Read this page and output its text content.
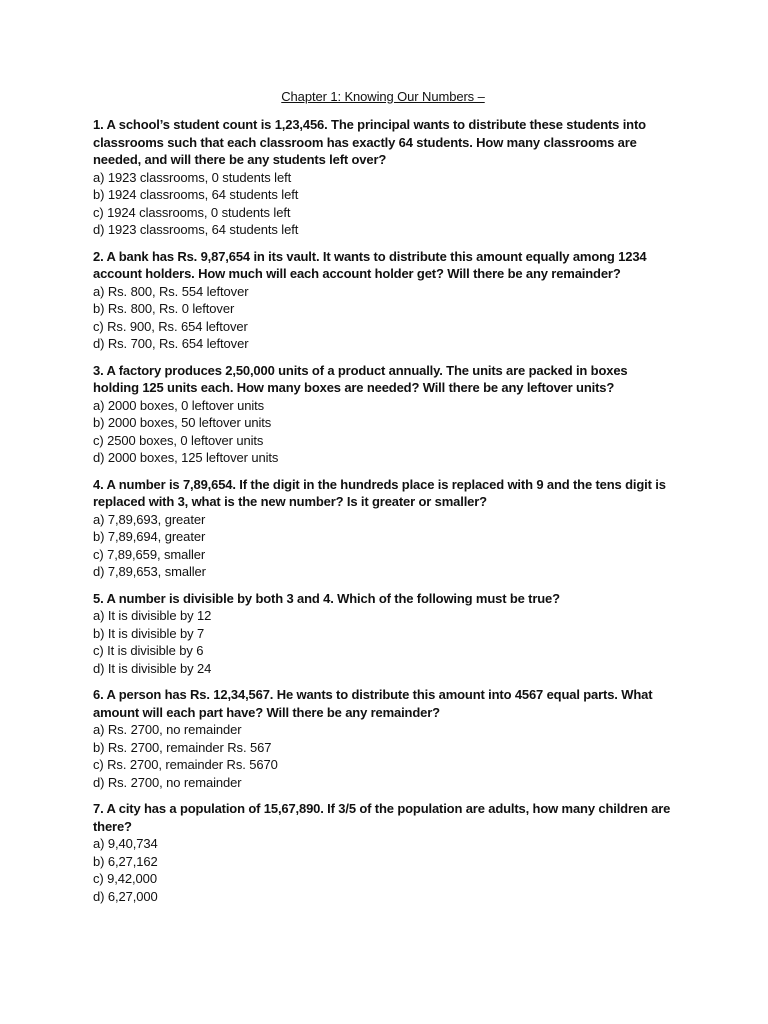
Chapter 1: Knowing Our Numbers –

1. A school’s student count is 1,23,456. The principal wants to distribute these students into classrooms such that each classroom has exactly 64 students. How many classrooms are needed, and will there be any students left over?

a) 1923 classrooms, 0 students left
b) 1924 classrooms, 64 students left
c) 1924 classrooms, 0 students left
d) 1923 classrooms, 64 students left

2. A bank has Rs. 9,87,654 in its vault. It wants to distribute this amount equally among 1234 account holders. How much will each account holder get? Will there be any remainder?

a) Rs. 800, Rs. 554 leftover
b) Rs. 800, Rs. 0 leftover
c) Rs. 900, Rs. 654 leftover
d) Rs. 700, Rs. 654 leftover

3. A factory produces 2,50,000 units of a product annually. The units are packed in boxes holding 125 units each. How many boxes are needed? Will there be any leftover units?

a) 2000 boxes, 0 leftover units
b) 2000 boxes, 50 leftover units
c) 2500 boxes, 0 leftover units
d) 2000 boxes, 125 leftover units

4. A number is 7,89,654. If the digit in the hundreds place is replaced with 9 and the tens digit is replaced with 3, what is the new number? Is it greater or smaller?

a) 7,89,693, greater
b) 7,89,694, greater
c) 7,89,659, smaller
d) 7,89,653, smaller

5. A number is divisible by both 3 and 4. Which of the following must be true?

a) It is divisible by 12
b) It is divisible by 7
c) It is divisible by 6
d) It is divisible by 24

6. A person has Rs. 12,34,567. He wants to distribute this amount into 4567 equal parts. What amount will each part have? Will there be any remainder?

a) Rs. 2700, no remainder
b) Rs. 2700, remainder Rs. 567
c) Rs. 2700, remainder Rs. 5670
d) Rs. 2700, no remainder

7. A city has a population of 15,67,890. If 3/5 of the population are adults, how many children are there?

a) 9,40,734
b) 6,27,162
c) 9,42,000
d) 6,27,000
